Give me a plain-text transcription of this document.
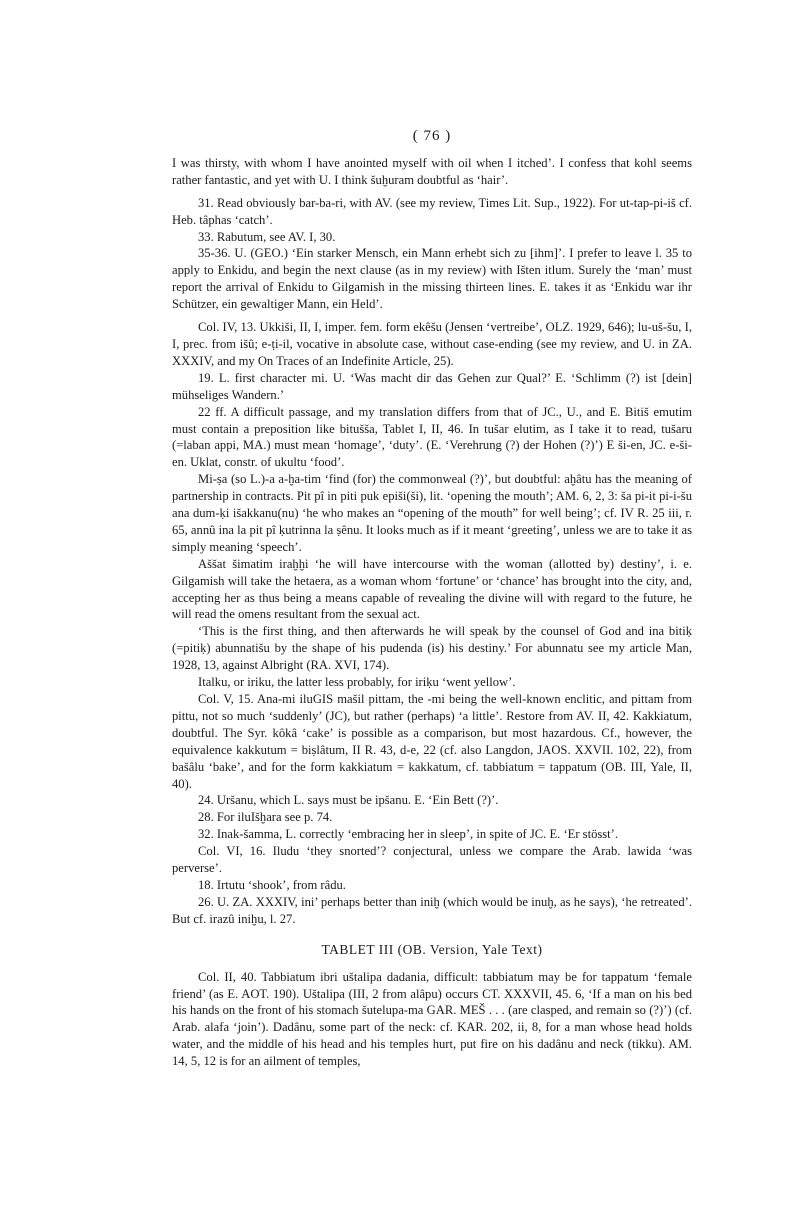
( 76 )

I was thirsty, with whom I have anointed myself with oil when I itched’. I confess that kohl seems rather fantastic, and yet with U. I think šuḫuram doubtful as ‘hair’.

31. Read obviously bar-ba-ri, with AV. (see my review, Times Lit. Sup., 1922). For ut-tap-pi-iš cf. Heb. tâphas ‘catch’.

33. Rabutum, see AV. I, 30.

35-36. U. (GEO.) ‘Ein starker Mensch, ein Mann erhebt sich zu [ihm]’. I prefer to leave l. 35 to apply to Enkidu, and begin the next clause (as in my review) with Išten itlum. Surely the ‘man’ must report the arrival of Enkidu to Gilgamish in the missing thirteen lines. E. takes it as ‘Enkidu war ihr Schützer, ein gewaltiger Mann, ein Held’.

Col. IV, 13. Ukkiši, II, I, imper. fem. form ekêšu (Jensen ‘vertreibe’, OLZ. 1929, 646); lu-uš-šu, I, I, prec. from išû; e-ṭi-il, vocative in absolute case, without case-ending (see my review, and U. in ZA. XXXIV, and my On Traces of an Indefinite Article, 25).

19. L. first character mi. U. ‘Was macht dir das Gehen zur Qual?’ E. ‘Schlimm (?) ist [dein] mühseliges Wandern.’

22 ff. A difficult passage, and my translation differs from that of JC., U., and E. Bitiš emutim must contain a preposition like bitušša, Tablet I, II, 46. In tušar elutim, as I take it to read, tušaru (=laban appi, MA.) must mean ‘homage’, ‘duty’. (E. ‘Verehrung (?) der Hohen (?)’) E ši-en, JC. e-ši-en. Uklat, constr. of ukultu ‘food’.

Mi-ṣa (so L.)-a a-ḫa-tim ‘find (for) the commonweal (?)’, but doubtful: aḫâtu has the meaning of partnership in contracts. Pit pî in piti puk epiši(ši), lit. ‘opening the mouth’; AM. 6, 2, 3: ša pi-it pi-i-šu ana dum-ḳi išakkanu(nu) ‘he who makes an “opening of the mouth” for well being’; cf. IV R. 25 iii, r. 65, annû ina la pit pî ḳutrinna la ṣênu. It looks much as if it meant ‘greeting’, unless we are to take it as simply meaning ‘speech’.

Aššat šimatim iraḫḫi ‘he will have intercourse with the woman (allotted by) destiny’, i. e. Gilgamish will take the hetaera, as a woman whom ‘fortune’ or ‘chance’ has brought into the city, and, accepting her as thus being a means capable of revealing the divine will with regard to the future, he will read the omens resultant from the sexual act.

‘This is the first thing, and then afterwards he will speak by the counsel of God and ina bitiḳ (=pitiḳ) abunnatišu by the shape of his pudenda (is) his destiny.’ For abunnatu see my article Man, 1928, 13, against Albright (RA. XVI, 174).

Italku, or iriku, the latter less probably, for iriḳu ‘went yellow’.

Col. V, 15. Ana-mi iluGIS mašil pittam, the -mi being the well-known enclitic, and pittam from pittu, not so much ‘suddenly’ (JC), but rather (perhaps) ‘a little’. Restore from AV. II, 42. Kakkiatum, doubtful. The Syr. kôkâ ‘cake’ is possible as a comparison, but most hazardous. Cf., however, the equivalence kakkutum = biṣlâtum, II R. 43, d-e, 22 (cf. also Langdon, JAOS. XXVII. 102, 22), from bašâlu ‘bake’, and for the form kakkiatum = kakkatum, cf. tabbiatum = tappatum (OB. III, Yale, II, 40).

24. Uršanu, which L. says must be ipšanu. E. ‘Ein Bett (?)’.

28. For iluIšḫara see p. 74.

32. Inak-šamma, L. correctly ‘embracing her in sleep’, in spite of JC. E. ‘Er stösst’.

Col. VI, 16. Iludu ‘they snorted’? conjectural, unless we compare the Arab. lawida ‘was perverse’.

18. Irtutu ‘shook’, from râdu.

26. U. ZA. XXXIV, ini’ perhaps better than iniḫ (which would be inuḫ, as he says), ‘he retreated’. But cf. irazû iniḫu, l. 27.

TABLET III (OB. Version, Yale Text)

Col. II, 40. Tabbiatum ibri uštalipa dadania, difficult: tabbiatum may be for tappatum ‘female friend’ (as E. AOT. 190). Uštalipa (III, 2 from alâpu) occurs CT. XXXVII, 45. 6, ‘If a man on his bed his hands on the front of his stomach šutelupa-ma GAR. MEŠ . . . (are clasped, and remain so (?)’) (cf. Arab. alafa ‘join’). Dadânu, some part of the neck: cf. KAR. 202, ii, 8, for a man whose head holds water, and the middle of his head and his temples hurt, put fire on his dadânu and neck (tikku). AM. 14, 5, 12 is for an ailment of temples,
